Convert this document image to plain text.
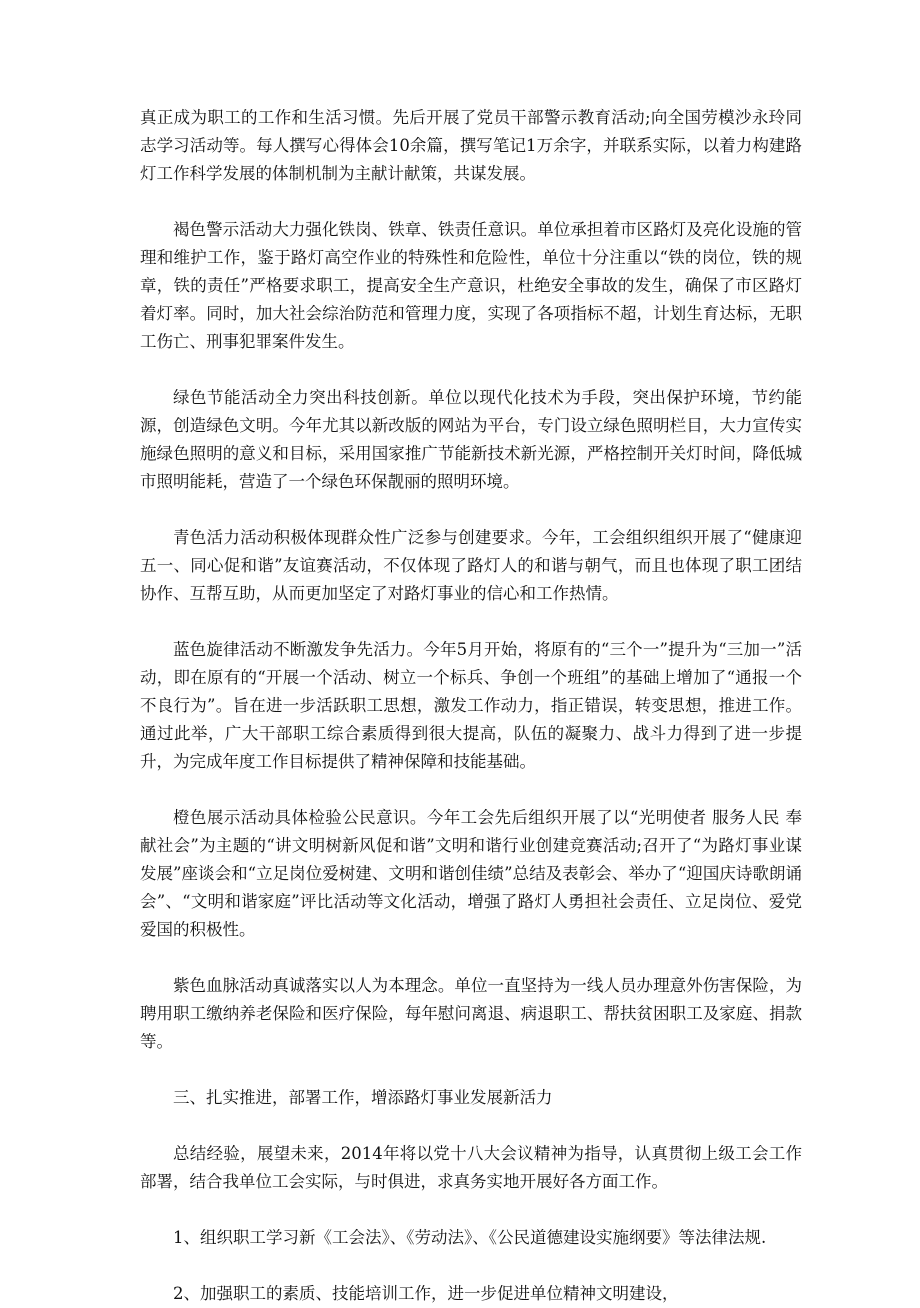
真正成为职工的工作和生活习惯。先后开展了党员干部警示教育活动;向全国劳模沙永玲同志学习活动等。每人撰写心得体会10余篇，撰写笔记1万余字，并联系实际，以着力构建路灯工作科学发展的体制机制为主献计献策，共谋发展。

褐色警示活动大力强化铁岗、铁章、铁责任意识。单位承担着市区路灯及亮化设施的管理和维护工作，鉴于路灯高空作业的特殊性和危险性，单位十分注重以“铁的岗位，铁的规章，铁的责任”严格要求职工，提高安全生产意识，杜绝安全事故的发生，确保了市区路灯着灯率。同时，加大社会综治防范和管理力度，实现了各项指标不超，计划生育达标，无职工伤亡、刑事犯罪案件发生。

绿色节能活动全力突出科技创新。单位以现代化技术为手段，突出保护环境，节约能源，创造绿色文明。今年尤其以新改版的网站为平台，专门设立绿色照明栏目，大力宣传实施绿色照明的意义和目标，采用国家推广节能新技术新光源，严格控制开关灯时间，降低城市照明能耗，营造了一个绿色环保靓丽的照明环境。

青色活力活动积极体现群众性广泛参与创建要求。今年，工会组织组织开展了“健康迎五一、同心促和谐”友谊赛活动，不仅体现了路灯人的和谐与朝气，而且也体现了职工团结协作、互帮互助，从而更加坚定了对路灯事业的信心和工作热情。

蓝色旋律活动不断激发争先活力。今年5月开始，将原有的“三个一”提升为“三加一”活动，即在原有的“开展一个活动、树立一个标兵、争创一个班组”的基础上增加了“通报一个不良行为”。旨在进一步活跃职工思想，激发工作动力，指正错误，转变思想，推进工作。通过此举，广大干部职工综合素质得到很大提高，队伍的凝聚力、战斗力得到了进一步提升，为完成年度工作目标提供了精神保障和技能基础。

橙色展示活动具体检验公民意识。今年工会先后组织开展了以“光明使者 服务人民 奉献社会”为主题的“讲文明树新风促和谐”文明和谐行业创建竞赛活动;召开了“为路灯事业谋发展”座谈会和“立足岗位爱树建、文明和谐创佳绩”总结及表彰会、举办了“迎国庆诗歌朗诵会”、“文明和谐家庭”评比活动等文化活动，增强了路灯人勇担社会责任、立足岗位、爱党爱国的积极性。

紫色血脉活动真诚落实以人为本理念。单位一直坚持为一线人员办理意外伤害保险，为聘用职工缴纳养老保险和医疗保险，每年慰问离退、病退职工、帮扶贫困职工及家庭、捐款等。

三、扎实推进，部署工作，增添路灯事业发展新活力

总结经验，展望未来，2014年将以党十八大会议精神为指导，认真贯彻上级工会工作部署，结合我单位工会实际，与时俱进，求真务实地开展好各方面工作。

1、组织职工学习新《工会法》、《劳动法》、《公民道德建设实施纲要》等法律法规.

2、加强职工的素质、技能培训工作，进一步促进单位精神文明建设，
